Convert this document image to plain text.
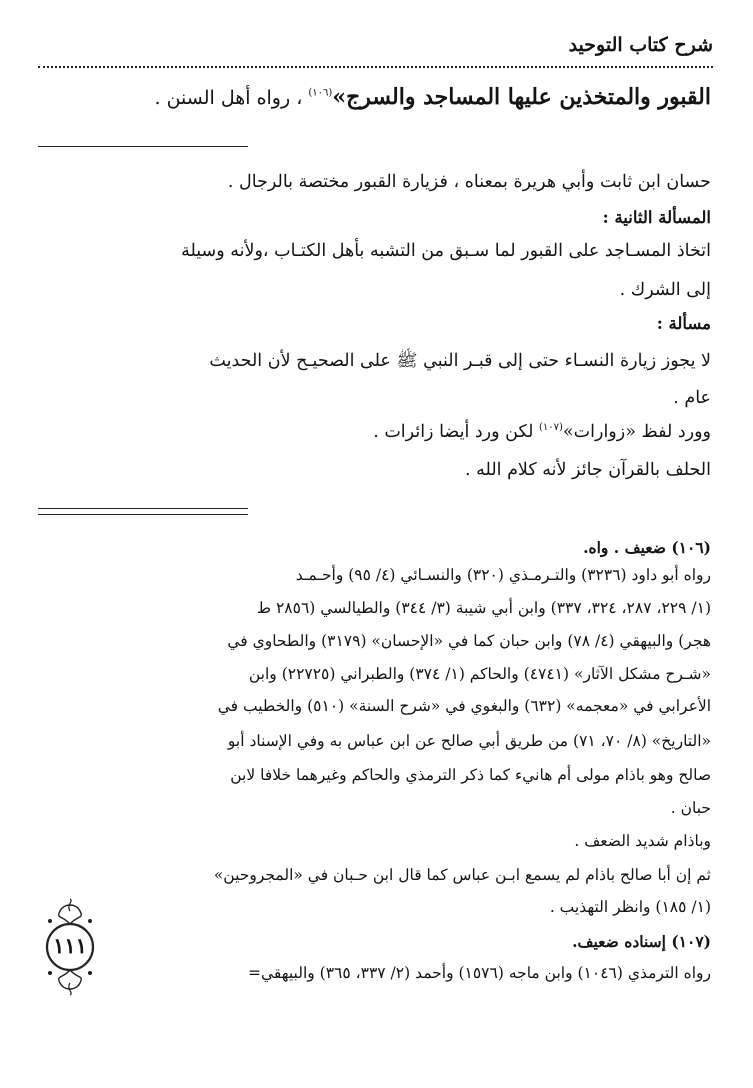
شرح كتاب التوحيد
القبور والمتخذين عليها المساجد والسرج»$^{(١٠٦)}$ ، رواه أهل السنن .
حسان ابن ثابت وأبي هريرة بمعناه ، فزيارة القبور مختصة بالرجال .
المسألة الثانية :
اتخاذ المسـاجد على القبور لما سـبق من التشبه بأهل الكتـاب ،ولأنه وسيلة
إلى الشرك .
مسألة :
لا يجوز زيارة النسـاء حتى إلى قبـر النبي ﷺ على الصحيـح لأن الحديث
عام .
وورد لفظ «زوارات»$^{(١٠٧)}$ لكن ورد أيضا زائرات .
الحلف بالقرآن جائز لأنه كلام الله .
(١٠٦) ضعيف . واه.
رواه أبو داود (٣٢٣٦) والتـرمـذي (٣٢٠) والنسـائي (٤/ ٩٥) وأحـمـد
(١/ ٢٢٩، ٢٨٧، ٣٢٤، ٣٣٧) وابن أبي شيبة (٣/ ٣٤٤) والطيالسي (٢٨٥٦ ط
هجر) والبيهقي (٤/ ٧٨) وابن حبان كما في «الإحسان» (٣١٧٩) والطحاوي في
«شـرح مشكل الآثار» (٤٧٤١) والحاكم (١/ ٣٧٤) والطبراني (٢٢٧٢٥) وابن
الأعرابي في «معجمه» (٦٣٢) والبغوي في «شرح السنة» (٥١٠) والخطيب في
«التاريخ» (٨/ ٧٠، ٧١) من طريق أبي صالح عن ابن عباس به وفي الإسناد أبو
صالح وهو باذام مولى أم هانيء كما ذكر الترمذي والحاكم وغيرهما خلافا لابن
حبان .
وباذام شديد الضعف .
ثم إن أبا صالح باذام لم يسمع ابـن عباس كما قال ابن حـبان في «المجروحين»
(١/ ١٨٥) وانظر التهذيب .
(١٠٧) إسناده ضعيف.
رواه الترمذي (١٠٤٦) وابن ماجه (١٥٧٦) وأحمد (٢/ ٣٣٧، ٣٦٥) والبيهقي=
١١١
